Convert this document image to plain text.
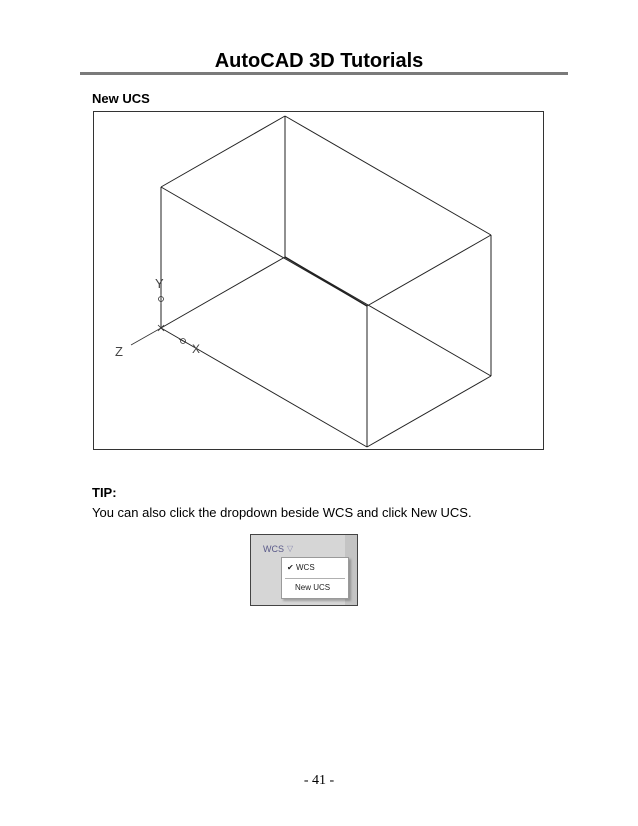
AutoCAD 3D Tutorials
New UCS
Y
Z	X
TIP:
You can also click the dropdown beside WCS and click New UCS.
WCS ▽
✔ WCS
New UCS
- 41 -
